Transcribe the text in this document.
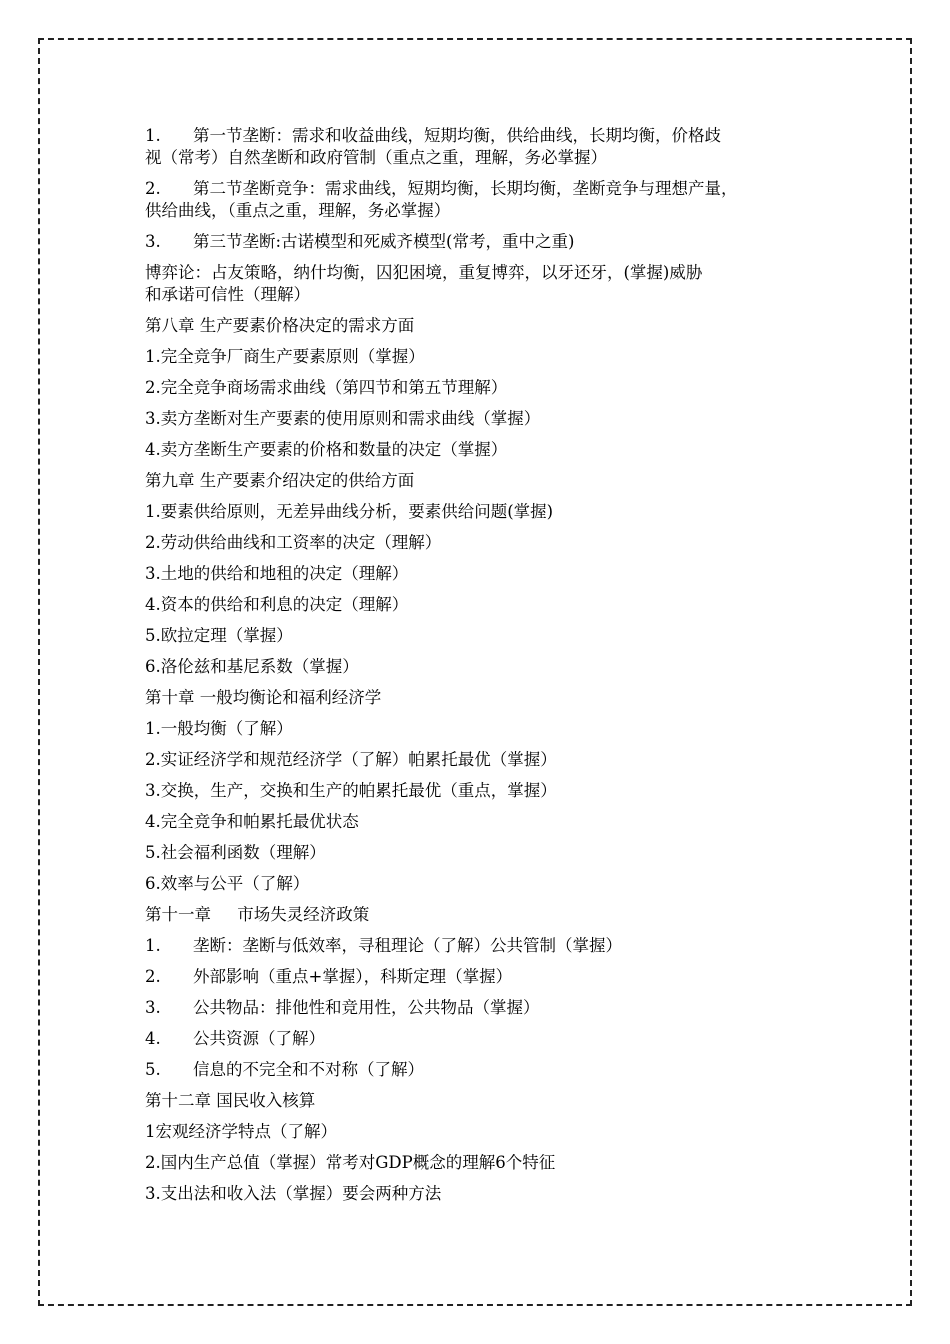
1. 第一节垄断：需求和收益曲线，短期均衡，供给曲线，长期均衡，价格歧
视（常考）自然垄断和政府管制（重点之重，理解，务必掌握）
2. 第二节垄断竞争：需求曲线，短期均衡，长期均衡，垄断竞争与理想产量，
供给曲线，（重点之重，理解，务必掌握）
3. 第三节垄断:古诺模型和死威齐模型(常考，重中之重)
博弈论：占友策略，纳什均衡，囚犯困境，重复博弈，以牙还牙，(掌握)威胁
和承诺可信性（理解）
第八章 生产要素价格决定的需求方面
1.完全竞争厂商生产要素原则（掌握）
2.完全竞争商场需求曲线（第四节和第五节理解）
3.卖方垄断对生产要素的使用原则和需求曲线（掌握）
4.卖方垄断生产要素的价格和数量的决定（掌握）
第九章 生产要素介绍决定的供给方面
1.要素供给原则，无差异曲线分析，要素供给问题(掌握)
2.劳动供给曲线和工资率的决定（理解）
3.土地的供给和地租的决定（理解）
4.资本的供给和利息的决定（理解）
5.欧拉定理（掌握）
6.洛伦兹和基尼系数（掌握）
第十章 一般均衡论和福利经济学
1.一般均衡（了解）
2.实证经济学和规范经济学（了解）帕累托最优（掌握）
3.交换，生产，交换和生产的帕累托最优（重点，掌握）
4.完全竞争和帕累托最优状态
5.社会福利函数（理解）
6.效率与公平（了解）
第十一章     市场失灵经济政策
1. 垄断：垄断与低效率，寻租理论（了解）公共管制（掌握）
2. 外部影响（重点+掌握），科斯定理（掌握）
3. 公共物品：排他性和竞用性，公共物品（掌握）
4. 公共资源（了解）
5. 信息的不完全和不对称（了解）
第十二章 国民收入核算
1宏观经济学特点（了解）
2.国内生产总值（掌握）常考对GDP概念的理解6个特征
3.支出法和收入法（掌握）要会两种方法
